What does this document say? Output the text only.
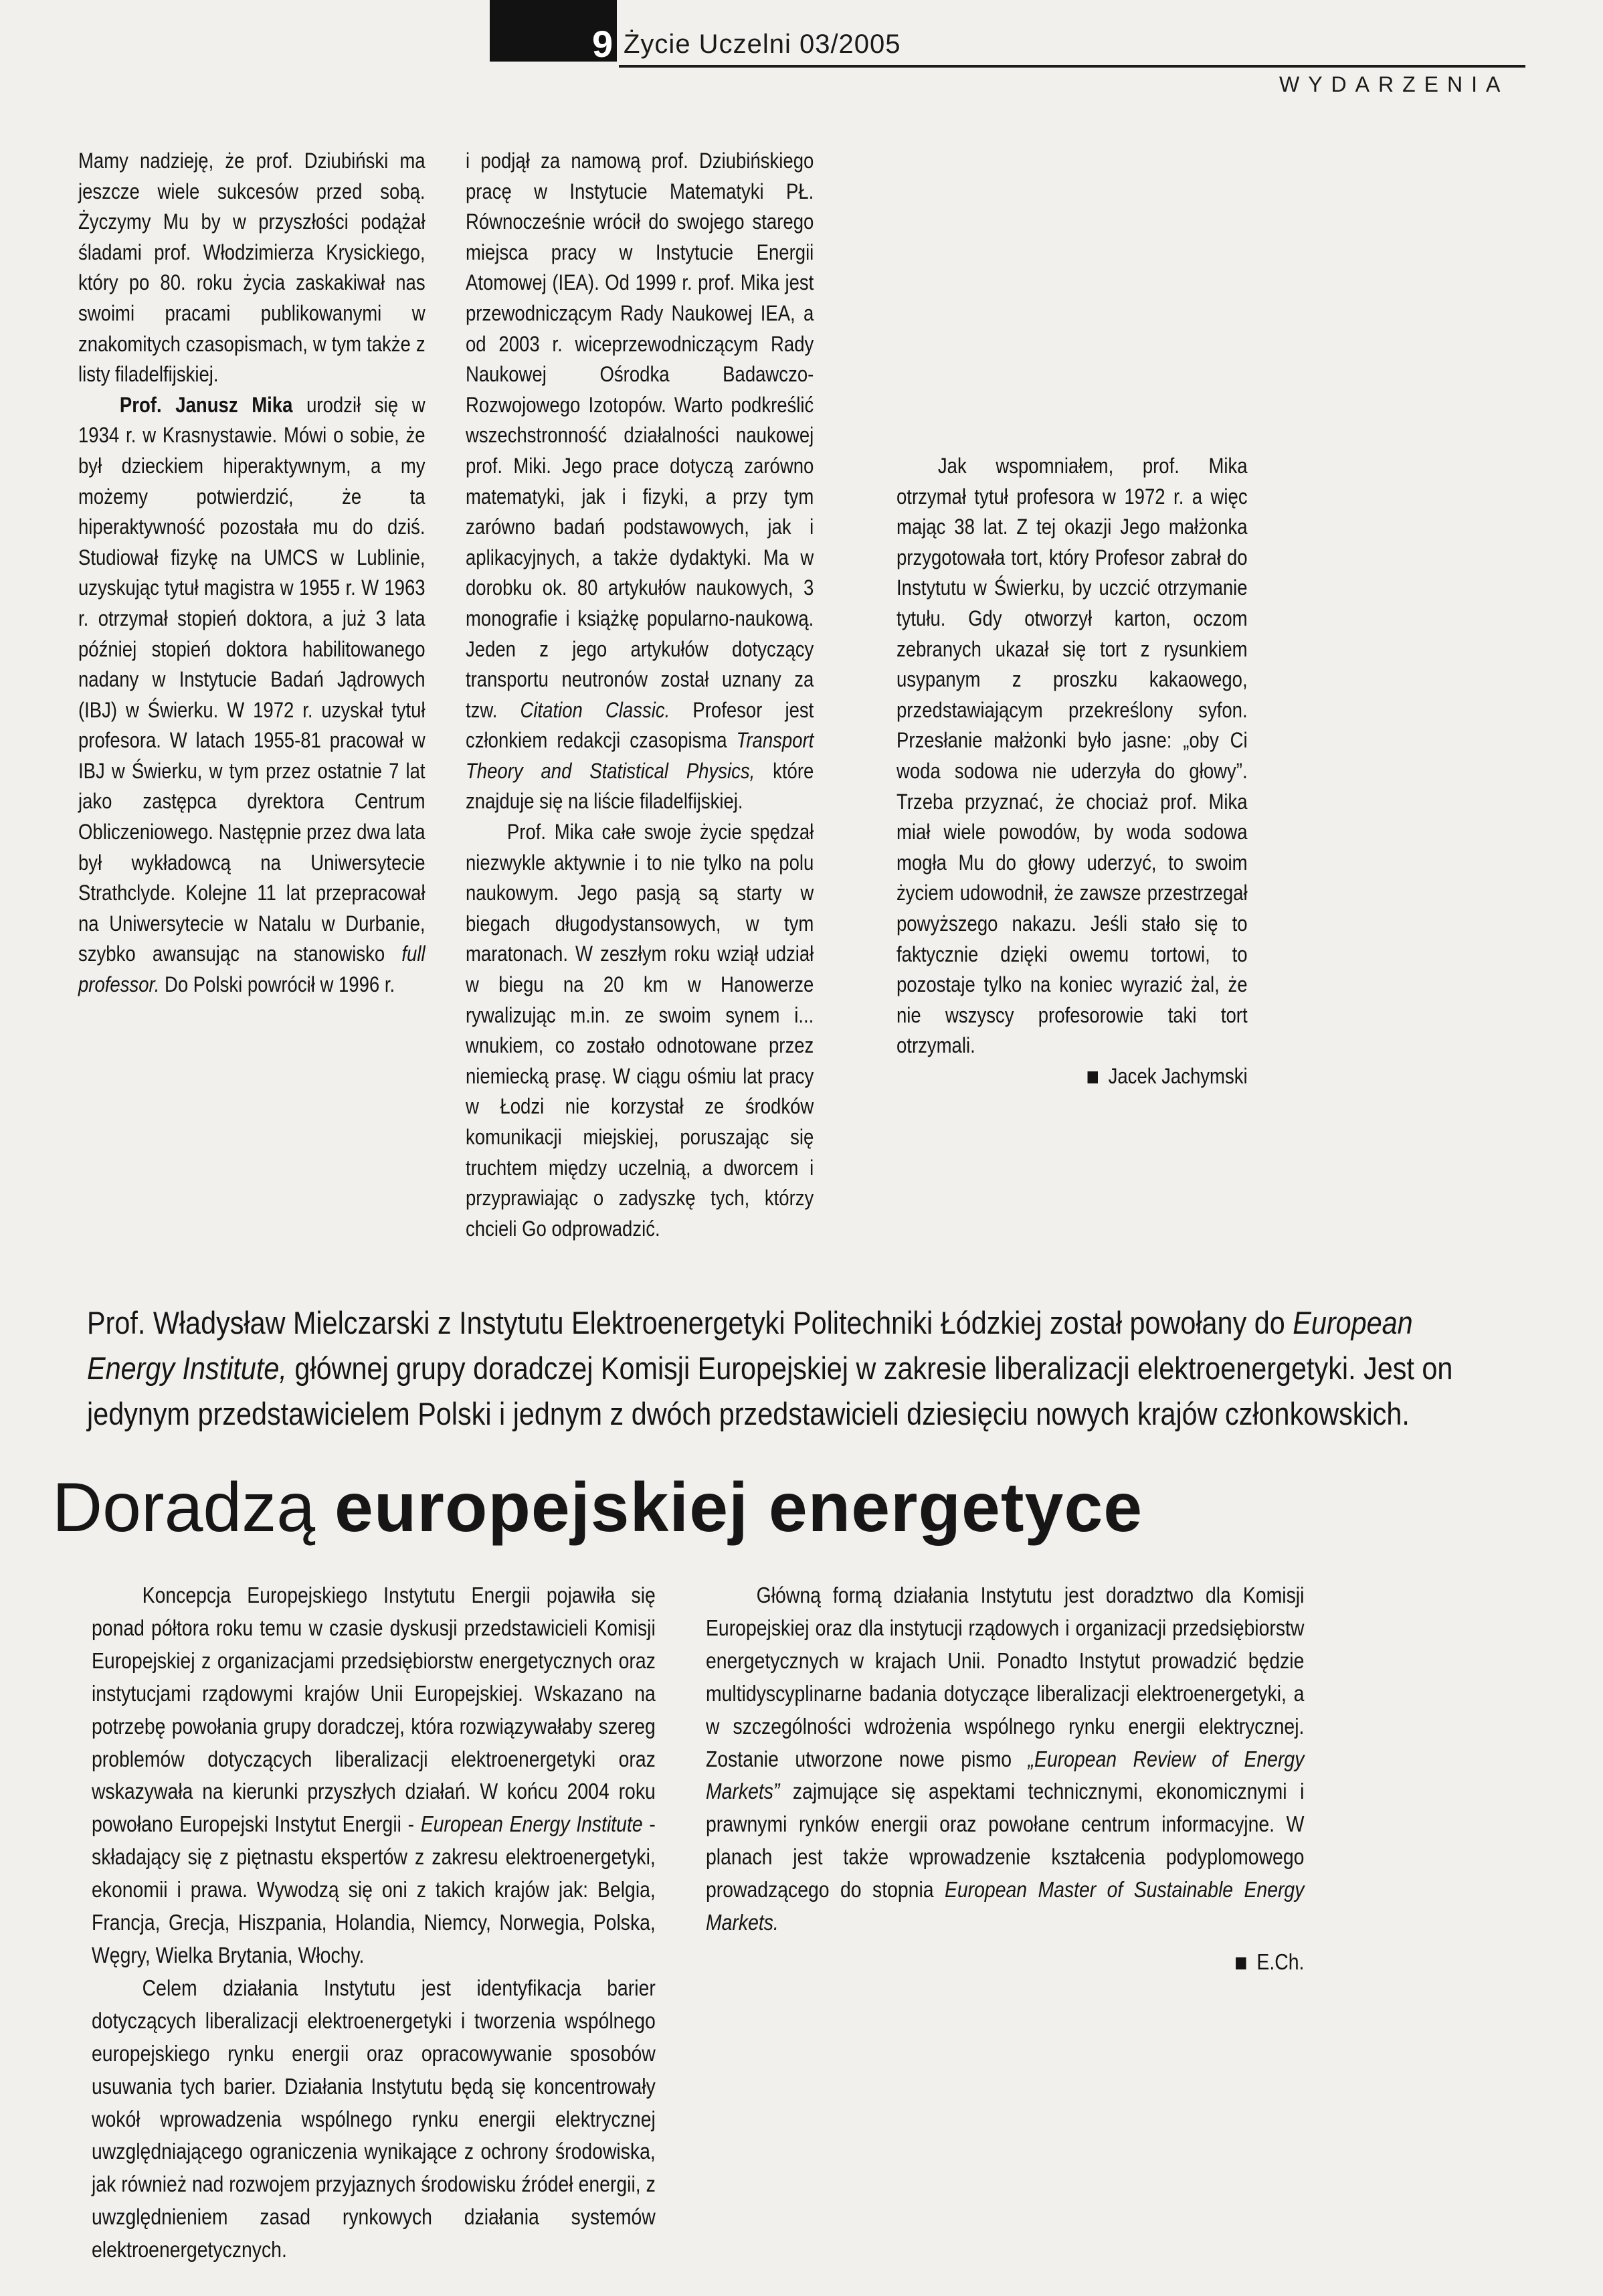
9 Życie Uczelni 03/2005
WYDARZENIA

Mamy nadzieję, że prof. Dziubiński ma jeszcze wiele sukcesów przed sobą. Życzymy Mu by w przyszłości podążał śladami prof. Włodzimierza Krysickiego, który po 80. roku życia zaskakiwał nas swoimi pracami publikowanymi w znakomitych czasopismach, w tym także z listy filadelfijskiej.

Prof. Janusz Mika urodził się w 1934 r. w Krasnystawie. Mówi o sobie, że był dzieckiem hiperaktywnym, a my możemy potwierdzić, że ta hiperaktywność pozostała mu do dziś. Studiował fizykę na UMCS w Lublinie, uzyskując tytuł magistra w 1955 r. W 1963 r. otrzymał stopień doktora, a już 3 lata później stopień doktora habilitowanego nadany w Instytucie Badań Jądrowych (IBJ) w Świerku. W 1972 r. uzyskał tytuł profesora. W latach 1955-81 pracował w IBJ w Świerku, w tym przez ostatnie 7 lat jako zastępca dyrektora Centrum Obliczeniowego. Następnie przez dwa lata był wykładowcą na Uniwersytecie Strathclyde. Kolejne 11 lat przepracował na Uniwersytecie w Natalu w Durbanie, szybko awansując na stanowisko full professor. Do Polski powrócił w 1996 r.

i podjął za namową prof. Dziubińskiego pracę w Instytucie Matematyki PŁ. Równocześnie wrócił do swojego starego miejsca pracy w Instytucie Energii Atomowej (IEA). Od 1999 r. prof. Mika jest przewodniczącym Rady Naukowej IEA, a od 2003 r. wiceprzewodniczącym Rady Naukowej Ośrodka Badawczo-Rozwojowego Izotopów. Warto podkreślić wszechstronność działalności naukowej prof. Miki. Jego prace dotyczą zarówno matematyki, jak i fizyki, a przy tym zarówno badań podstawowych, jak i aplikacyjnych, a także dydaktyki. Ma w dorobku ok. 80 artykułów naukowych, 3 monografie i książkę popularno-naukową. Jeden z jego artykułów dotyczący transportu neutronów został uznany za tzw. Citation Classic. Profesor jest członkiem redakcji czasopisma Transport Theory and Statistical Physics, które znajduje się na liście filadelfijskiej.

Prof. Mika całe swoje życie spędzał niezwykle aktywnie i to nie tylko na polu naukowym. Jego pasją są starty w biegach długodystansowych, w tym maratonach. W zeszłym roku wziął udział w biegu na 20 km w Hanowerze rywalizując m.in. ze swoim synem i... wnukiem, co zostało odnotowane przez niemiecką prasę. W ciągu ośmiu lat pracy w Łodzi nie korzystał ze środków komunikacji miejskiej, poruszając się truchtem między uczelnią, a dworcem i przyprawiając o zadyszkę tych, którzy chcieli Go odprowadzić.

Jak wspomniałem, prof. Mika otrzymał tytuł profesora w 1972 r. a więc mając 38 lat. Z tej okazji Jego małżonka przygotowała tort, który Profesor zabrał do Instytutu w Świerku, by uczcić otrzymanie tytułu. Gdy otworzył karton, oczom zebranych ukazał się tort z rysunkiem usypanym z proszku kakaowego, przedstawiającym przekreślony syfon. Przesłanie małżonki było jasne: „oby Ci woda sodowa nie uderzyła do głowy”. Trzeba przyznać, że chociaż prof. Mika miał wiele powodów, by woda sodowa mogła Mu do głowy uderzyć, to swoim życiem udowodnił, że zawsze przestrzegał powyższego nakazu. Jeśli stało się to faktycznie dzięki owemu tortowi, to pozostaje tylko na koniec wyrazić żal, że nie wszyscy profesorowie taki tort otrzymali.

Jacek Jachymski

Prof. Władysław Mielczarski z Instytutu Elektroenergetyki Politechniki Łódzkiej został powołany do European Energy Institute, głównej grupy doradczej Komisji Europejskiej w zakresie liberalizacji elektroenergetyki. Jest on jedynym przedstawicielem Polski i jednym z dwóch przedstawicieli dziesięciu nowych krajów członkowskich.

Doradzą europejskiej energetyce

Koncepcja Europejskiego Instytutu Energii pojawiła się ponad półtora roku temu w czasie dyskusji przedstawicieli Komisji Europejskiej z organizacjami przedsiębiorstw energetycznych oraz instytucjami rządowymi krajów Unii Europejskiej. Wskazano na potrzebę powołania grupy doradczej, która rozwiązywałaby szereg problemów dotyczących liberalizacji elektroenergetyki oraz wskazywała na kierunki przyszłych działań. W końcu 2004 roku powołano Europejski Instytut Energii - European Energy Institute - składający się z piętnastu ekspertów z zakresu elektroenergetyki, ekonomii i prawa. Wywodzą się oni z takich krajów jak: Belgia, Francja, Grecja, Hiszpania, Holandia, Niemcy, Norwegia, Polska, Węgry, Wielka Brytania, Włochy.

Celem działania Instytutu jest identyfikacja barier dotyczących liberalizacji elektroenergetyki i tworzenia wspólnego europejskiego rynku energii oraz opracowywanie sposobów usuwania tych barier. Działania Instytutu będą się koncentrowały wokół wprowadzenia wspólnego rynku energii elektrycznej uwzględniającego ograniczenia wynikające z ochrony środowiska, jak również nad rozwojem przyjaznych środowisku źródeł energii, z uwzględnieniem zasad rynkowych działania systemów elektroenergetycznych.

Główną formą działania Instytutu jest doradztwo dla Komisji Europejskiej oraz dla instytucji rządowych i organizacji przedsiębiorstw energetycznych w krajach Unii. Ponadto Instytut prowadzić będzie multidyscyplinarne badania dotyczące liberalizacji elektroenergetyki, a w szczególności wdrożenia wspólnego rynku energii elektrycznej. Zostanie utworzone nowe pismo „European Review of Energy Markets” zajmujące się aspektami technicznymi, ekonomicznymi i prawnymi rynków energii oraz powołane centrum informacyjne. W planach jest także wprowadzenie kształcenia podyplomowego prowadzącego do stopnia European Master of Sustainable Energy Markets.

E.Ch.
